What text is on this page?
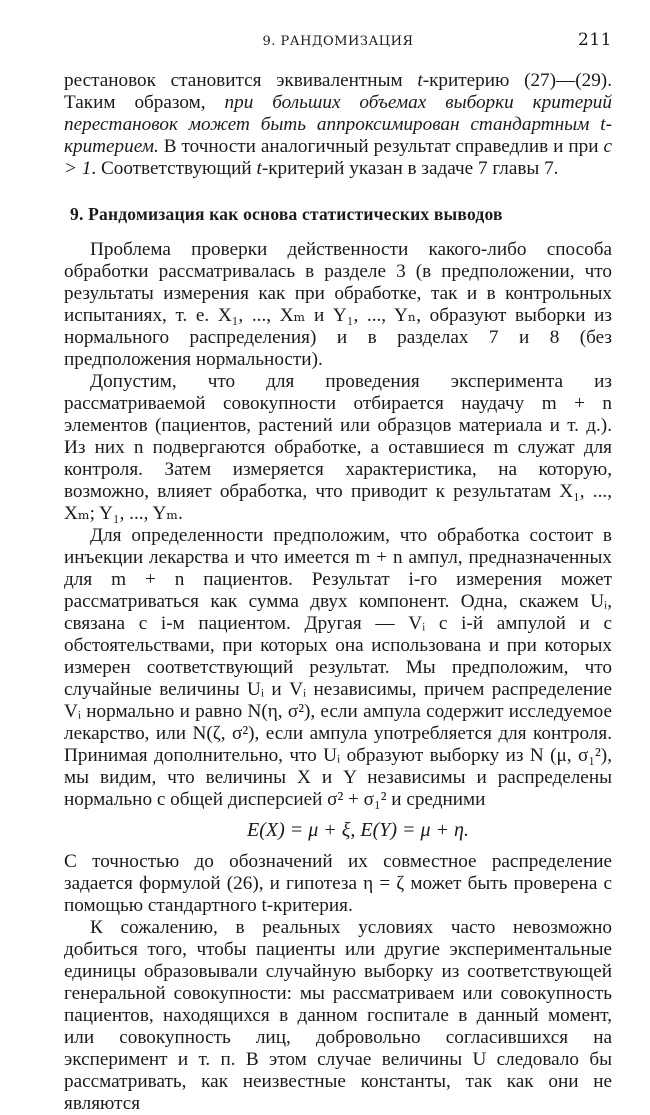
9. РАНДОМИЗАЦИЯ	211

рестановок становится эквивалентным t-критерию (27)—(29). Таким образом, при больших объемах выборки критерий перестановок может быть аппроксимирован стандартным t-критерием. В точности аналогичный результат справедлив и при c > 1. Соответствующий t-критерий указан в задаче 7 главы 7.

9. Рандомизация как основа статистических выводов

Проблема проверки действенности какого-либо способа обработки рассматривалась в разделе 3 (в предположении, что результаты измерения как при обработке, так и в контрольных испытаниях, т. е. X₁, ..., Xₘ и Y₁, ..., Yₙ, образуют выборки из нормального распределения) и в разделах 7 и 8 (без предположения нормальности).

Допустим, что для проведения эксперимента из рассматриваемой совокупности отбирается наудачу m + n элементов (пациентов, растений или образцов материала и т. д.). Из них n подвергаются обработке, а оставшиеся m служат для контроля. Затем измеряется характеристика, на которую, возможно, влияет обработка, что приводит к результатам X₁, ..., Xₘ; Y₁, ..., Yₘ.

Для определенности предположим, что обработка состоит в инъекции лекарства и что имеется m + n ампул, предназначенных для m + n пациентов. Результат i-го измерения может рассматриваться как сумма двух компонент. Одна, скажем Uᵢ, связана с i-м пациентом. Другая — Vᵢ с i-й ампулой и с обстоятельствами, при которых она использована и при которых измерен соответствующий результат. Мы предположим, что случайные величины Uᵢ и Vᵢ независимы, причем распределение Vᵢ нормально и равно N(η, σ²), если ампула содержит исследуемое лекарство, или N(ζ, σ²), если ампула употребляется для контроля. Принимая дополнительно, что Uᵢ образуют выборку из N (μ, σ₁²), мы видим, что величины X и Y независимы и распределены нормально с общей дисперсией σ² + σ₁² и средними

E(X) = μ + ξ, E(Y) = μ + η.

С точностью до обозначений их совместное распределение задается формулой (26), и гипотеза η = ζ может быть проверена с помощью стандартного t-критерия.

К сожалению, в реальных условиях часто невозможно добиться того, чтобы пациенты или другие экспериментальные единицы образовывали случайную выборку из соответствующей генеральной совокупности: мы рассматриваем или совокупность пациентов, находящихся в данном госпитале в данный момент, или совокупность лиц, добровольно согласившихся на эксперимент и т. п. В этом случае величины U следовало бы рассматривать, как неизвестные константы, так как они не являются
